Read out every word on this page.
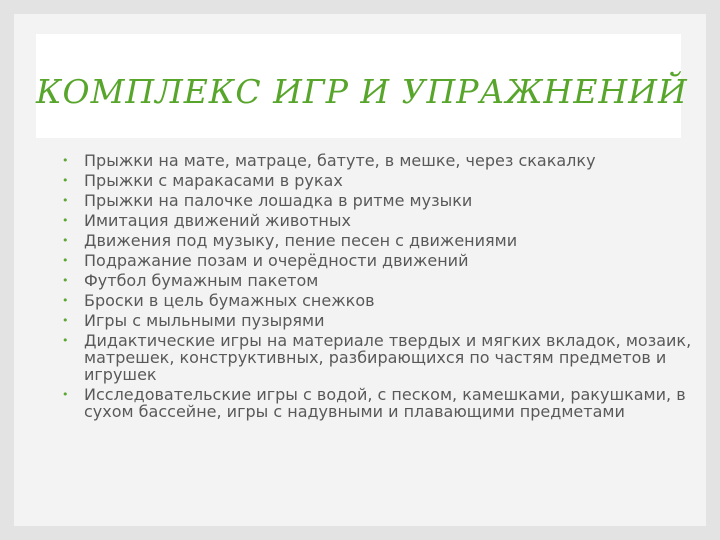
КОМПЛЕКС ИГР И УПРАЖНЕНИЙ
• Прыжки на мате, матраце, батуте, в мешке, через скакалку
• Прыжки с маракасами в руках
• Прыжки на палочке лошадка в ритме музыки
• Имитация движений животных
• Движения под музыку, пение песен с движениями
• Подражание позам и очерёдности движений
• Футбол бумажным пакетом
• Броски в цель бумажных снежков
• Игры с мыльными пузырями
• Дидактические игры на материале твердых и мягких вкладок, мозаик, матрешек, конструктивных, разбирающихся по частям предметов и игрушек
• Исследовательские игры с водой, с песком, камешками, ракушками, в сухом бассейне, игры с надувными и плавающими предметами
